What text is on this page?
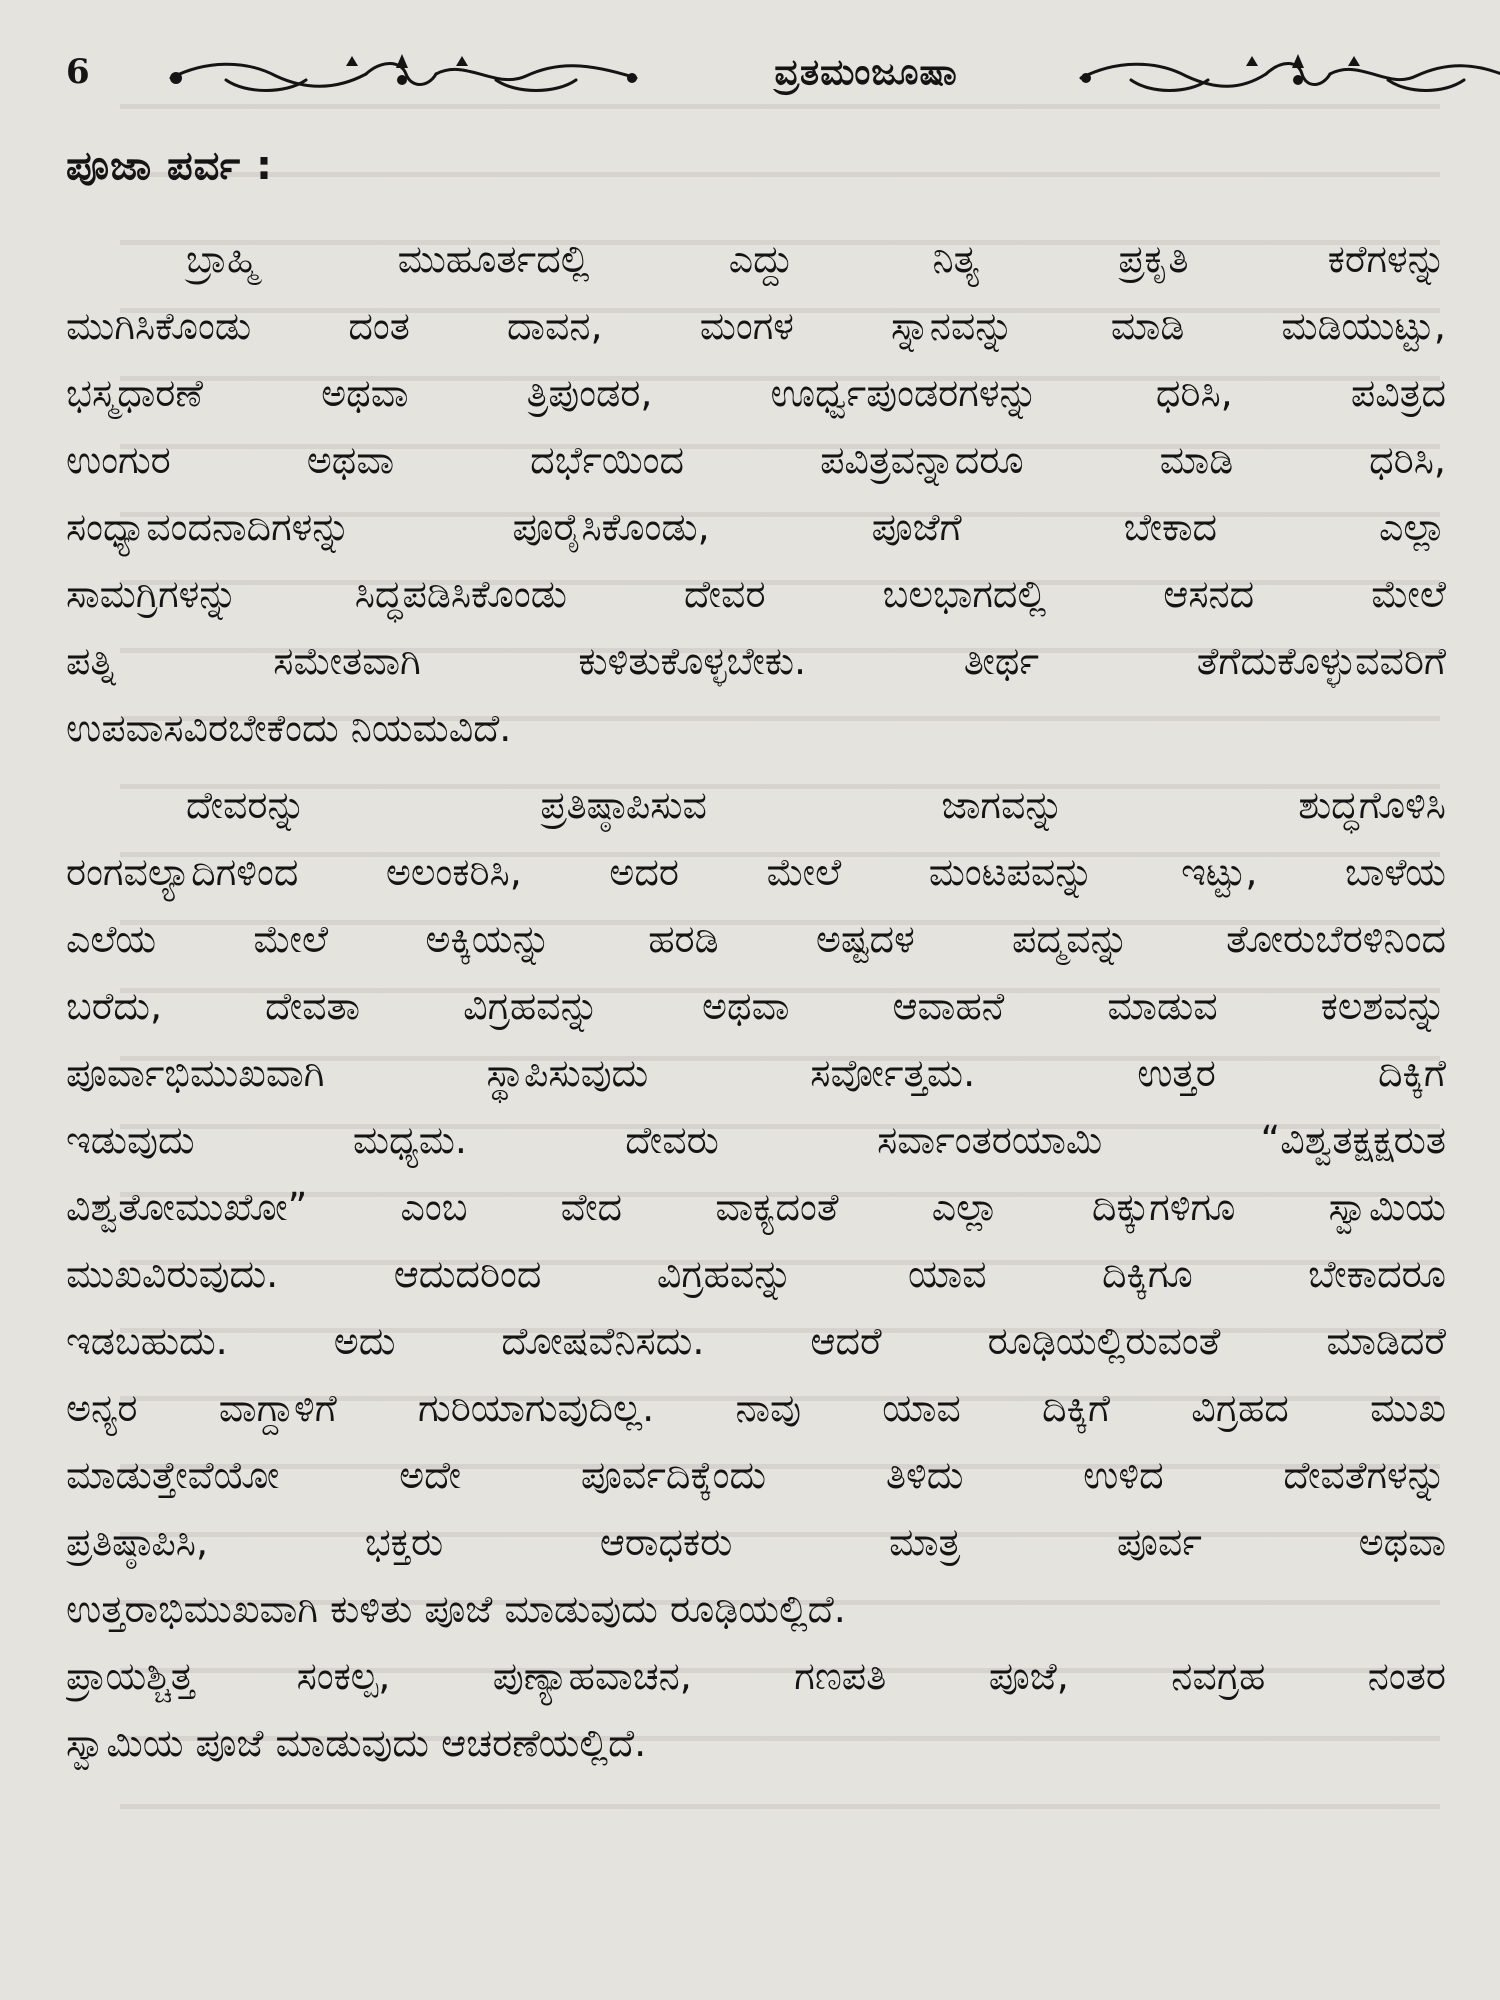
6	ವ್ರತಮಂಜೂಷಾ
ಪೂಜಾ ಪರ್ವ :
ಬ್ರಾಹ್ಮಿ ಮುಹೂರ್ತದಲ್ಲಿ ಎದ್ದು ನಿತ್ಯ ಪ್ರಕೃತಿ ಕರೆಗಳನ್ನು
ಮುಗಿಸಿಕೊಂಡು ದಂತ ದಾವನ, ಮಂಗಳ ಸ್ನಾನವನ್ನು ಮಾಡಿ ಮಡಿಯುಟ್ಟು,
ಭಸ್ಮಧಾರಣೆ ಅಥವಾ ತ್ರಿಪುಂಡರ, ಊರ್ಧ್ವಪುಂಡರಗಳನ್ನು ಧರಿಸಿ, ಪವಿತ್ರದ
ಉಂಗುರ ಅಥವಾ ದರ್ಭೆಯಿಂದ ಪವಿತ್ರವನ್ನಾದರೂ ಮಾಡಿ ಧರಿಸಿ,
ಸಂಧ್ಯಾವಂದನಾದಿಗಳನ್ನು ಪೂರೈಸಿಕೊಂಡು, ಪೂಜೆಗೆ ಬೇಕಾದ ಎಲ್ಲಾ
ಸಾಮಗ್ರಿಗಳನ್ನು ಸಿದ್ಧಪಡಿಸಿಕೊಂಡು ದೇವರ ಬಲಭಾಗದಲ್ಲಿ ಆಸನದ ಮೇಲೆ
ಪತ್ನಿ ಸಮೇತವಾಗಿ ಕುಳಿತುಕೊಳ್ಳಬೇಕು. ತೀರ್ಥ ತೆಗೆದುಕೊಳ್ಳುವವರಿಗೆ
ಉಪವಾಸವಿರಬೇಕೆಂದು ನಿಯಮವಿದೆ.
ದೇವರನ್ನು ಪ್ರತಿಷ್ಠಾಪಿಸುವ ಜಾಗವನ್ನು ಶುದ್ಧಗೊಳಿಸಿ
ರಂಗವಲ್ಯಾದಿಗಳಿಂದ ಅಲಂಕರಿಸಿ, ಅದರ ಮೇಲೆ ಮಂಟಪವನ್ನು ಇಟ್ಟು, ಬಾಳೆಯ
ಎಲೆಯ ಮೇಲೆ ಅಕ್ಕಿಯನ್ನು ಹರಡಿ ಅಷ್ಟದಳ ಪದ್ಮವನ್ನು ತೋರುಬೆರಳಿನಿಂದ
ಬರೆದು, ದೇವತಾ ವಿಗ್ರಹವನ್ನು ಅಥವಾ ಆವಾಹನೆ ಮಾಡುವ ಕಲಶವನ್ನು
ಪೂರ್ವಾಭಿಮುಖವಾಗಿ ಸ್ಥಾಪಿಸುವುದು ಸರ್ವೋತ್ತಮ. ಉತ್ತರ ದಿಕ್ಕಿಗೆ
ಇಡುವುದು ಮಧ್ಯಮ. ದೇವರು ಸರ್ವಾಂತರಯಾಮಿ “ವಿಶ್ವತಕ್ಷಕ್ಷರುತ
ವಿಶ್ವತೋಮುಖೋ” ಎಂಬ ವೇದ ವಾಕ್ಯದಂತೆ ಎಲ್ಲಾ ದಿಕ್ಕುಗಳಿಗೂ ಸ್ವಾಮಿಯ
ಮುಖವಿರುವುದು. ಆದುದರಿಂದ ವಿಗ್ರಹವನ್ನು ಯಾವ ದಿಕ್ಕಿಗೂ ಬೇಕಾದರೂ
ಇಡಬಹುದು. ಅದು ದೋಷವೆನಿಸದು. ಆದರೆ ರೂಢಿಯಲ್ಲಿರುವಂತೆ ಮಾಡಿದರೆ
ಅನ್ಯರ ವಾಗ್ದಾಳಿಗೆ ಗುರಿಯಾಗುವುದಿಲ್ಲ. ನಾವು ಯಾವ ದಿಕ್ಕಿಗೆ ವಿಗ್ರಹದ ಮುಖ
ಮಾಡುತ್ತೇವೆಯೋ ಅದೇ ಪೂರ್ವದಿಕ್ಕೆಂದು ತಿಳಿದು ಉಳಿದ ದೇವತೆಗಳನ್ನು
ಪ್ರತಿಷ್ಠಾಪಿಸಿ, ಭಕ್ತರು ಆರಾಧಕರು ಮಾತ್ರ ಪೂರ್ವ ಅಥವಾ
ಉತ್ತರಾಭಿಮುಖವಾಗಿ ಕುಳಿತು ಪೂಜೆ ಮಾಡುವುದು ರೂಢಿಯಲ್ಲಿದೆ.
ಪ್ರಾಯಶ್ಚಿತ್ತ ಸಂಕಲ್ಪ, ಪುಣ್ಯಾಹವಾಚನ, ಗಣಪತಿ ಪೂಜೆ, ನವಗ್ರಹ ನಂತರ
ಸ್ವಾಮಿಯ ಪೂಜೆ ಮಾಡುವುದು ಆಚರಣೆಯಲ್ಲಿದೆ.
